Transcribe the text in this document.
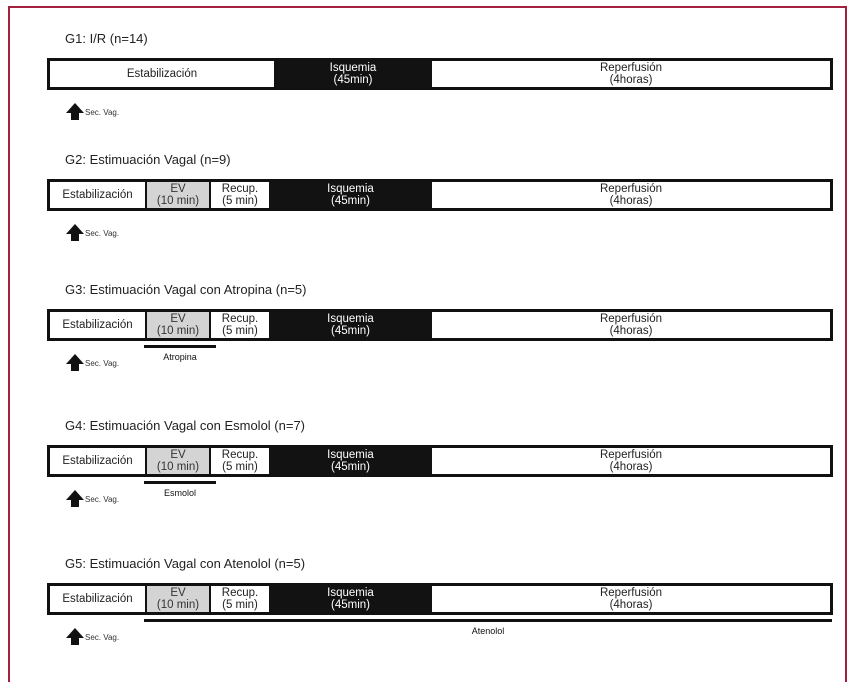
G1: I/R (n=14)
Estabilización	Isquemia
(45min)
Reperfusión
(4horas)
Sec. Vag.
G2: Estimuación Vagal (n=9)
Estabilización	EV
(10 min)
Recup.
(5 min)
Isquemia
(45min)
Reperfusión
(4horas)
Sec. Vag.
G3: Estimuación Vagal con Atropina (n=5)
Estabilización	EV
(10 min)
Recup.
(5 min)
Isquemia
(45min)
Reperfusión
(4horas)
Sec. Vag.
Atropina
G4: Estimuación Vagal con Esmolol (n=7)
Estabilización	EV
(10 min)
Recup.
(5 min)
Isquemia
(45min)
Reperfusión
(4horas)
Sec. Vag.
Esmolol
G5: Estimuación Vagal con Atenolol (n=5)
Estabilización	EV
(10 min)
Recup.
(5 min)
Isquemia
(45min)
Reperfusión
(4horas)
Sec. Vag.
Atenolol
